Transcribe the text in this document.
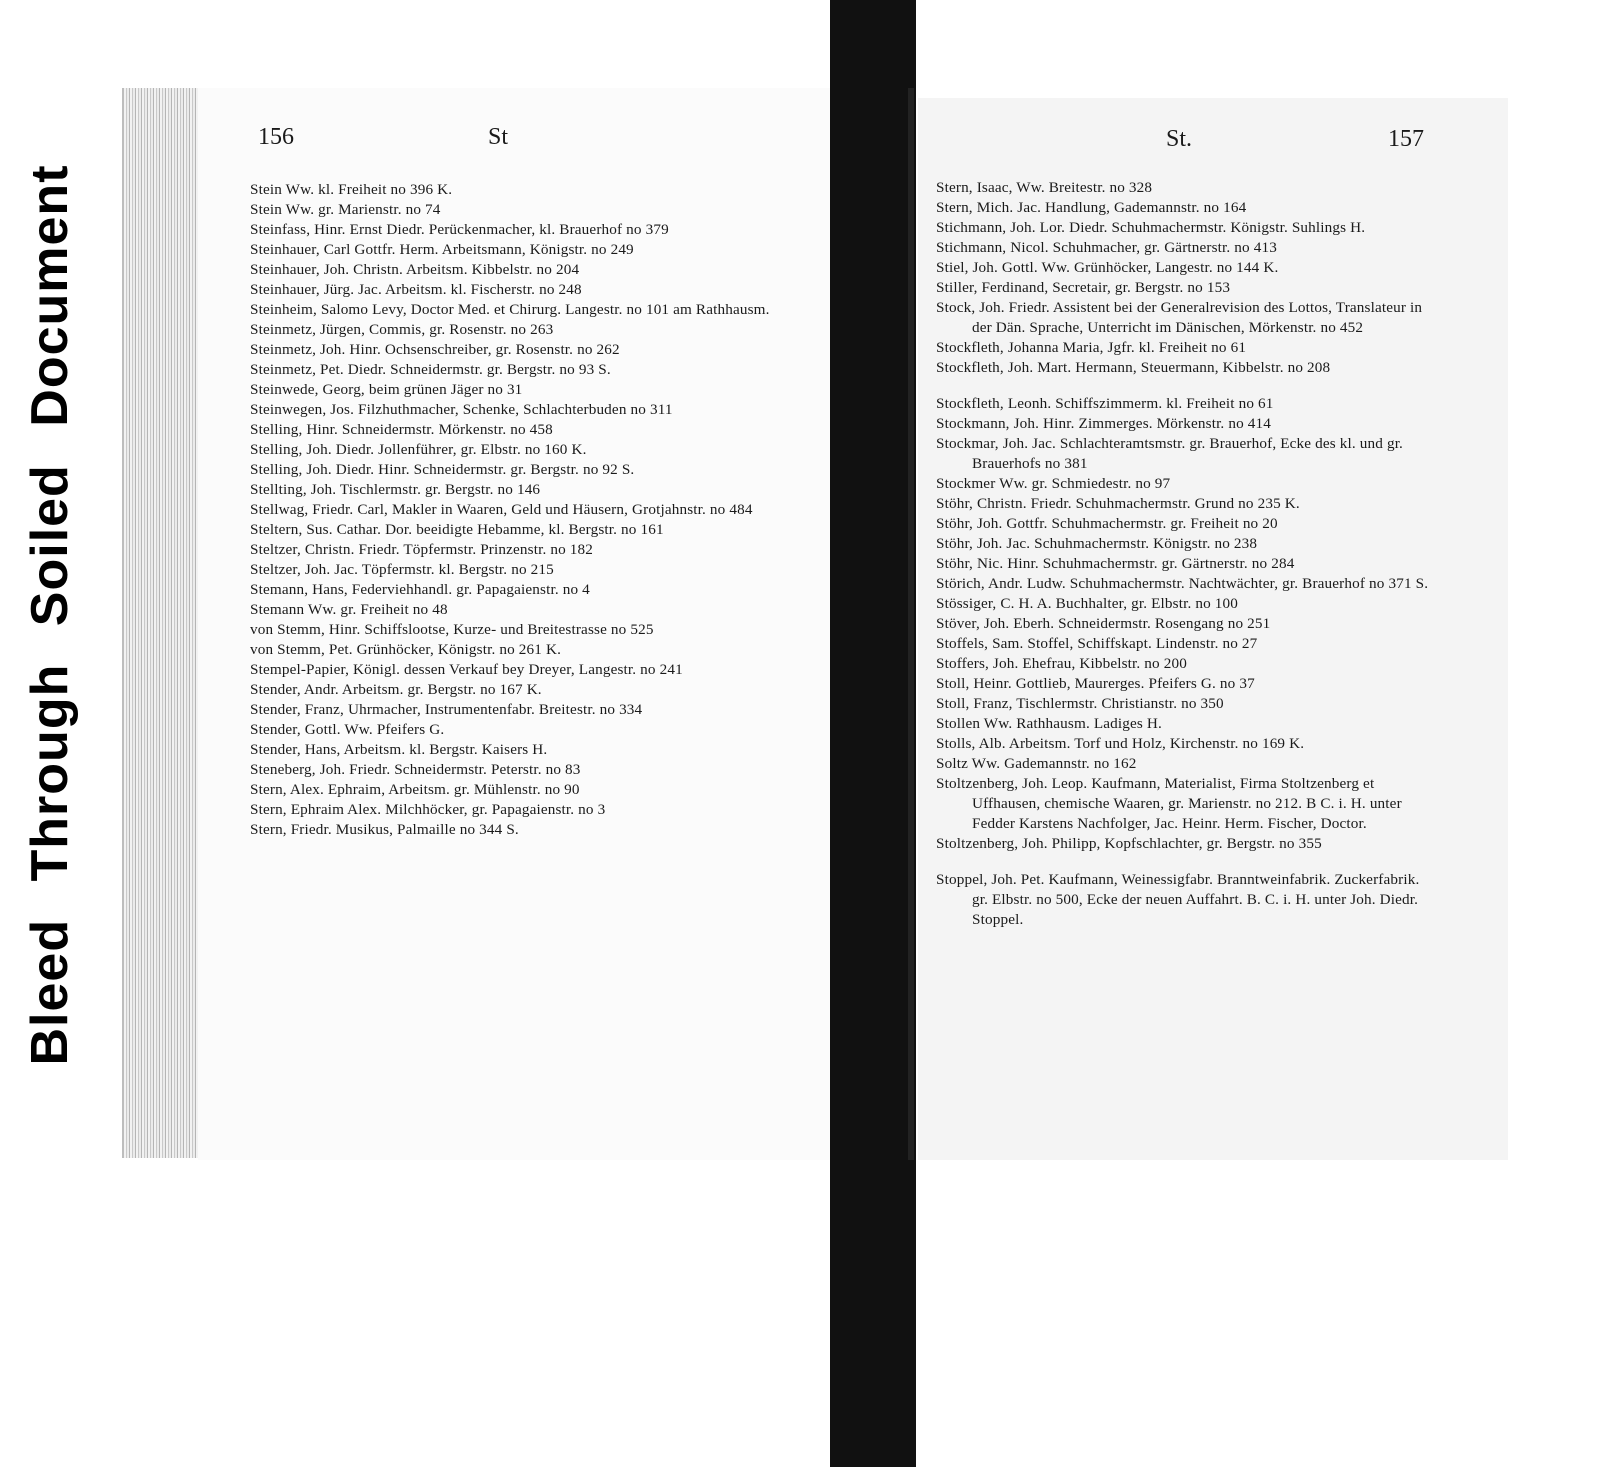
Bleed Through Soiled Document
156	St

Stein Ww. kl. Freiheit no 396 K.

Stein Ww. gr. Marienstr. no 74

Steinfass, Hinr. Ernst Diedr. Perückenmacher, kl. Brauerhof no 379

Steinhauer, Carl Gottfr. Herm. Arbeitsmann, Königstr. no 249

Steinhauer, Joh. Christn. Arbeitsm. Kibbelstr. no 204

Steinhauer, Jürg. Jac. Arbeitsm. kl. Fischerstr. no 248

Steinheim, Salomo Levy, Doctor Med. et Chirurg. Langestr. no 101 am Rathhausm.

Steinmetz, Jürgen, Commis, gr. Rosenstr. no 263

Steinmetz, Joh. Hinr. Ochsenschreiber, gr. Rosenstr. no 262

Steinmetz, Pet. Diedr. Schneidermstr. gr. Bergstr. no 93 S.

Steinwede, Georg, beim grünen Jäger no 31

Steinwegen, Jos. Filzhuthmacher, Schenke, Schlachterbuden no 311

Stelling, Hinr. Schneidermstr. Mörkenstr. no 458

Stelling, Joh. Diedr. Jollenführer, gr. Elbstr. no 160 K.

Stelling, Joh. Diedr. Hinr. Schneidermstr. gr. Bergstr. no 92 S.

Stellting, Joh. Tischlermstr. gr. Bergstr. no 146

Stellwag, Friedr. Carl, Makler in Waaren, Geld und Häusern, Grotjahnstr. no 484

Steltern, Sus. Cathar. Dor. beeidigte Hebamme, kl. Bergstr. no 161

Steltzer, Christn. Friedr. Töpfermstr. Prinzenstr. no 182

Steltzer, Joh. Jac. Töpfermstr. kl. Bergstr. no 215

Stemann, Hans, Federviehhandl. gr. Papagaienstr. no 4

Stemann Ww. gr. Freiheit no 48

von Stemm, Hinr. Schiffslootse, Kurze- und Breitestrasse no 525

von Stemm, Pet. Grünhöcker, Königstr. no 261 K.

Stempel-Papier, Königl. dessen Verkauf bey Dreyer, Langestr. no 241

Stender, Andr. Arbeitsm. gr. Bergstr. no 167 K.

Stender, Franz, Uhrmacher, Instrumentenfabr. Breitestr. no 334

Stender, Gottl. Ww. Pfeifers G.

Stender, Hans, Arbeitsm. kl. Bergstr. Kaisers H.

Steneberg, Joh. Friedr. Schneidermstr. Peterstr. no 83

Stern, Alex. Ephraim, Arbeitsm. gr. Mühlenstr. no 90

Stern, Ephraim Alex. Milchhöcker, gr. Papagaienstr. no 3

Stern, Friedr. Musikus, Palmaille no 344 S.

St.	157

Stern, Isaac, Ww. Breitestr. no 328

Stern, Mich. Jac. Handlung, Gademannstr. no 164

Stichmann, Joh. Lor. Diedr. Schuhmachermstr. Königstr. Suhlings H.

Stichmann, Nicol. Schuhmacher, gr. Gärtnerstr. no 413

Stiel, Joh. Gottl. Ww. Grünhöcker, Langestr. no 144 K.

Stiller, Ferdinand, Secretair, gr. Bergstr. no 153

Stock, Joh. Friedr. Assistent bei der Generalrevision des Lottos, Translateur in der Dän. Sprache, Unterricht im Dänischen, Mörkenstr. no 452

Stockfleth, Johanna Maria, Jgfr. kl. Freiheit no 61

Stockfleth, Joh. Mart. Hermann, Steuermann, Kibbelstr. no 208

Stockfleth, Leonh. Schiffszimmerm. kl. Freiheit no 61

Stockmann, Joh. Hinr. Zimmerges. Mörkenstr. no 414

Stockmar, Joh. Jac. Schlachteramtsmstr. gr. Brauerhof, Ecke des kl. und gr. Brauerhofs no 381

Stockmer Ww. gr. Schmiedestr. no 97

Stöhr, Christn. Friedr. Schuhmachermstr. Grund no 235 K.

Stöhr, Joh. Gottfr. Schuhmachermstr. gr. Freiheit no 20

Stöhr, Joh. Jac. Schuhmachermstr. Königstr. no 238

Stöhr, Nic. Hinr. Schuhmachermstr. gr. Gärtnerstr. no 284

Störich, Andr. Ludw. Schuhmachermstr. Nachtwächter, gr. Brauerhof no 371 S.

Stössiger, C. H. A. Buchhalter, gr. Elbstr. no 100

Stöver, Joh. Eberh. Schneidermstr. Rosengang no 251

Stoffels, Sam. Stoffel, Schiffskapt. Lindenstr. no 27

Stoffers, Joh. Ehefrau, Kibbelstr. no 200

Stoll, Heinr. Gottlieb, Maurerges. Pfeifers G. no 37

Stoll, Franz, Tischlermstr. Christianstr. no 350

Stollen Ww. Rathhausm. Ladiges H.

Stolls, Alb. Arbeitsm. Torf und Holz, Kirchenstr. no 169 K.

Soltz Ww. Gademannstr. no 162

Stoltzenberg, Joh. Leop. Kaufmann, Materialist, Firma Stoltzenberg et Uffhausen, chemische Waaren, gr. Marienstr. no 212. B C. i. H. unter Fedder Karstens Nachfolger, Jac. Heinr. Herm. Fischer, Doctor.

Stoltzenberg, Joh. Philipp, Kopfschlachter, gr. Bergstr. no 355

Stoppel, Joh. Pet. Kaufmann, Weinessigfabr. Branntweinfabrik. Zuckerfabrik. gr. Elbstr. no 500, Ecke der neuen Auffahrt. B. C. i. H. unter Joh. Diedr. Stoppel.
